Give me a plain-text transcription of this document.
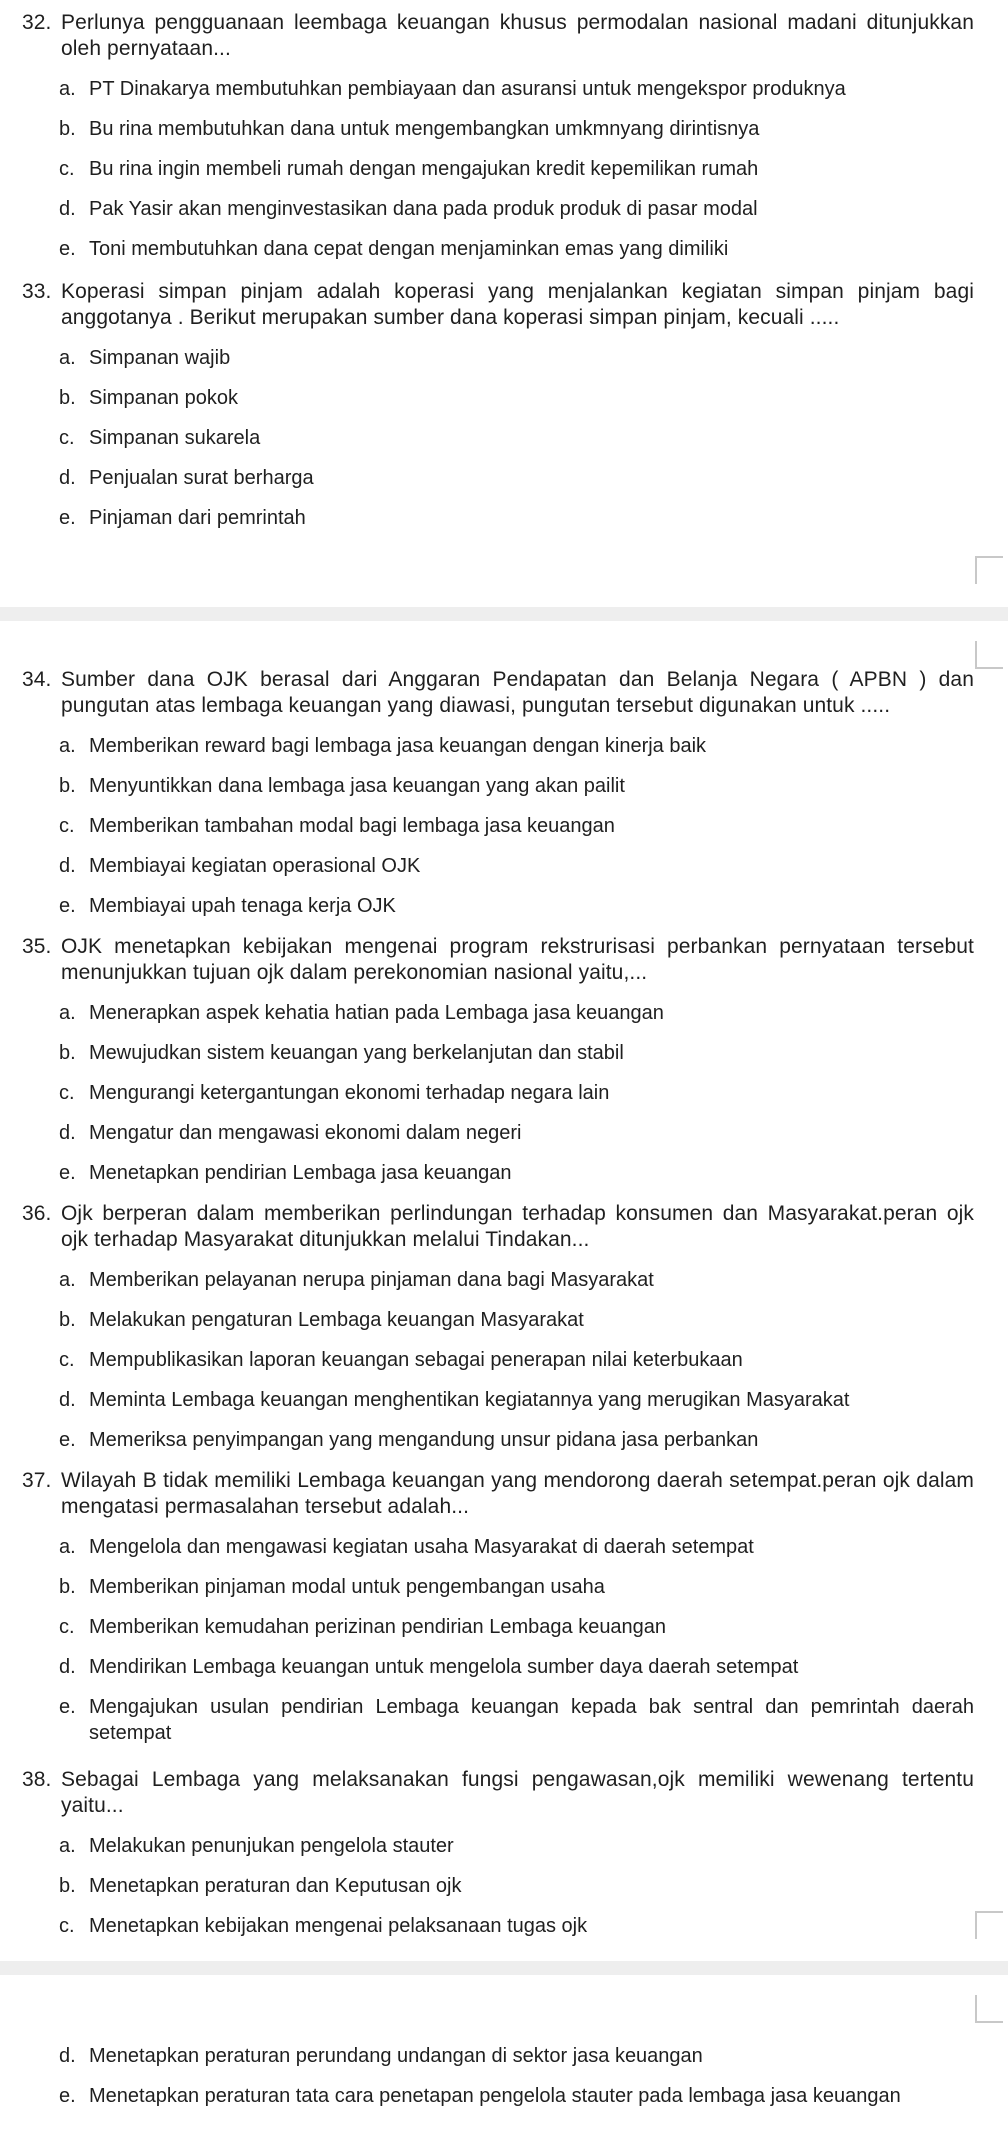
32. Perlunya pengguanaan leembaga keuangan khusus permodalan nasional madani ditunjukkan oleh pernyataan...
a. PT Dinakarya membutuhkan pembiayaan dan asuransi untuk mengekspor produknya
b. Bu rina membutuhkan dana untuk mengembangkan umkmnyang dirintisnya
c. Bu rina ingin membeli rumah dengan mengajukan kredit kepemilikan rumah
d. Pak Yasir akan menginvestasikan dana pada produk produk di pasar modal
e. Toni membutuhkan dana cepat dengan menjaminkan emas yang dimiliki
33. Koperasi simpan pinjam adalah koperasi yang menjalankan kegiatan simpan pinjam bagi anggotanya . Berikut merupakan sumber dana koperasi simpan pinjam, kecuali .....
a. Simpanan wajib
b. Simpanan pokok
c. Simpanan sukarela
d. Penjualan surat berharga
e. Pinjaman dari pemrintah
34. Sumber dana OJK berasal dari Anggaran Pendapatan dan Belanja Negara ( APBN ) dan pungutan atas lembaga keuangan yang diawasi, pungutan tersebut digunakan untuk .....
a. Memberikan reward bagi lembaga jasa keuangan dengan kinerja baik
b. Menyuntikkan dana lembaga jasa keuangan yang akan pailit
c. Memberikan tambahan modal bagi lembaga jasa keuangan
d. Membiayai kegiatan operasional OJK
e. Membiayai upah tenaga kerja OJK
35. OJK menetapkan kebijakan mengenai program rekstrurisasi perbankan pernyataan tersebut menunjukkan tujuan ojk dalam perekonomian nasional yaitu,...
a. Menerapkan aspek kehatia hatian pada Lembaga jasa keuangan
b. Mewujudkan sistem keuangan yang berkelanjutan dan stabil
c. Mengurangi ketergantungan ekonomi terhadap negara lain
d. Mengatur dan mengawasi ekonomi dalam negeri
e. Menetapkan pendirian Lembaga jasa keuangan
36. Ojk berperan dalam memberikan perlindungan terhadap konsumen dan Masyarakat.peran ojk ojk terhadap Masyarakat ditunjukkan melalui Tindakan...
a. Memberikan pelayanan nerupa pinjaman dana bagi Masyarakat
b. Melakukan pengaturan Lembaga keuangan Masyarakat
c. Mempublikasikan laporan keuangan sebagai penerapan nilai keterbukaan
d. Meminta Lembaga keuangan menghentikan kegiatannya yang merugikan Masyarakat
e. Memeriksa penyimpangan yang mengandung unsur pidana jasa perbankan
37. Wilayah B tidak memiliki Lembaga keuangan yang mendorong daerah setempat.peran ojk dalam mengatasi permasalahan tersebut adalah...
a. Mengelola dan mengawasi kegiatan usaha Masyarakat di daerah setempat
b. Memberikan pinjaman modal untuk pengembangan usaha
c. Memberikan kemudahan perizinan pendirian Lembaga keuangan
d. Mendirikan Lembaga keuangan untuk mengelola sumber daya daerah setempat
e. Mengajukan usulan pendirian Lembaga keuangan kepada bak sentral dan pemrintah daerah setempat
38. Sebagai Lembaga yang melaksanakan fungsi pengawasan,ojk memiliki wewenang tertentu yaitu...
a. Melakukan penunjukan pengelola stauter
b. Menetapkan peraturan dan Keputusan ojk
c. Menetapkan kebijakan mengenai pelaksanaan tugas ojk
d. Menetapkan peraturan perundang undangan di sektor jasa keuangan
e. Menetapkan peraturan tata cara penetapan pengelola stauter pada lembaga jasa keuangan
